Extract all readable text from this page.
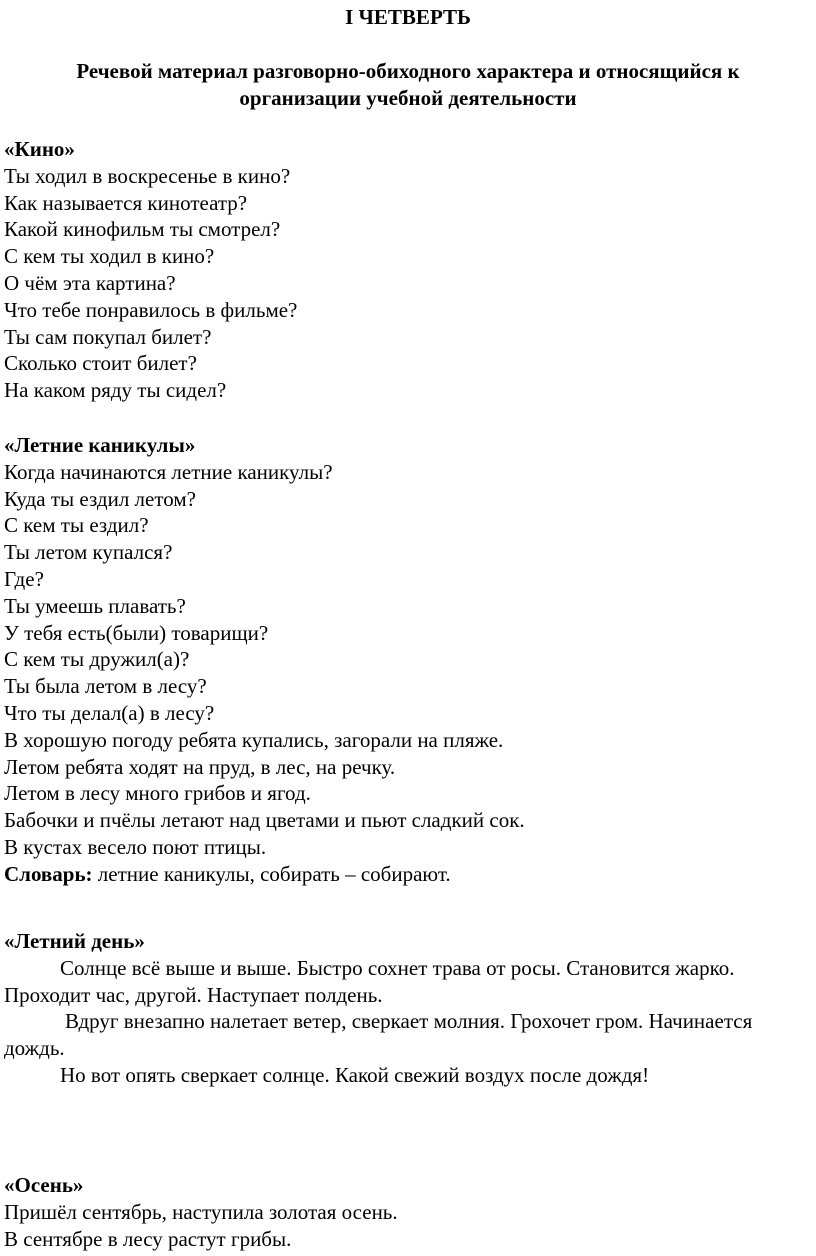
I ЧЕТВЕРТЬ

Речевой материал разговорно-обиходного характера и относящийся к организации учебной деятельности

«Кино»

Ты ходил в воскресенье в кино?

Как называется кинотеатр?

Какой кинофильм ты смотрел?

С кем ты ходил в кино?

О чём эта картина?

Что тебе понравилось в фильме?

Ты сам покупал билет?

Сколько стоит билет?

На каком ряду ты сидел?

«Летние каникулы»

Когда начинаются летние каникулы?

Куда ты ездил летом?

С кем ты ездил?

Ты летом купался?

Где?

Ты умеешь плавать?

У тебя есть(были) товарищи?

С кем ты дружил(а)?

Ты была летом в лесу?

Что ты делал(а) в лесу?

В хорошую погоду ребята купались, загорали на пляже.

Летом ребята ходят на пруд, в лес, на речку.

Летом в лесу много грибов и ягод.

Бабочки и пчёлы летают над цветами и пьют сладкий сок.

В кустах весело поют птицы.

Словарь: летние каникулы, собирать – собирают.

«Летний день»

Солнце всё выше и выше. Быстро сохнет трава от росы. Становится жарко. Проходит час, другой. Наступает полдень.

Вдруг внезапно налетает ветер, сверкает молния. Грохочет гром. Начинается дождь.

Но вот опять сверкает солнце. Какой свежий воздух после дождя!

«Осень»

Пришёл сентябрь, наступила золотая осень.

В сентябре в лесу растут грибы.
